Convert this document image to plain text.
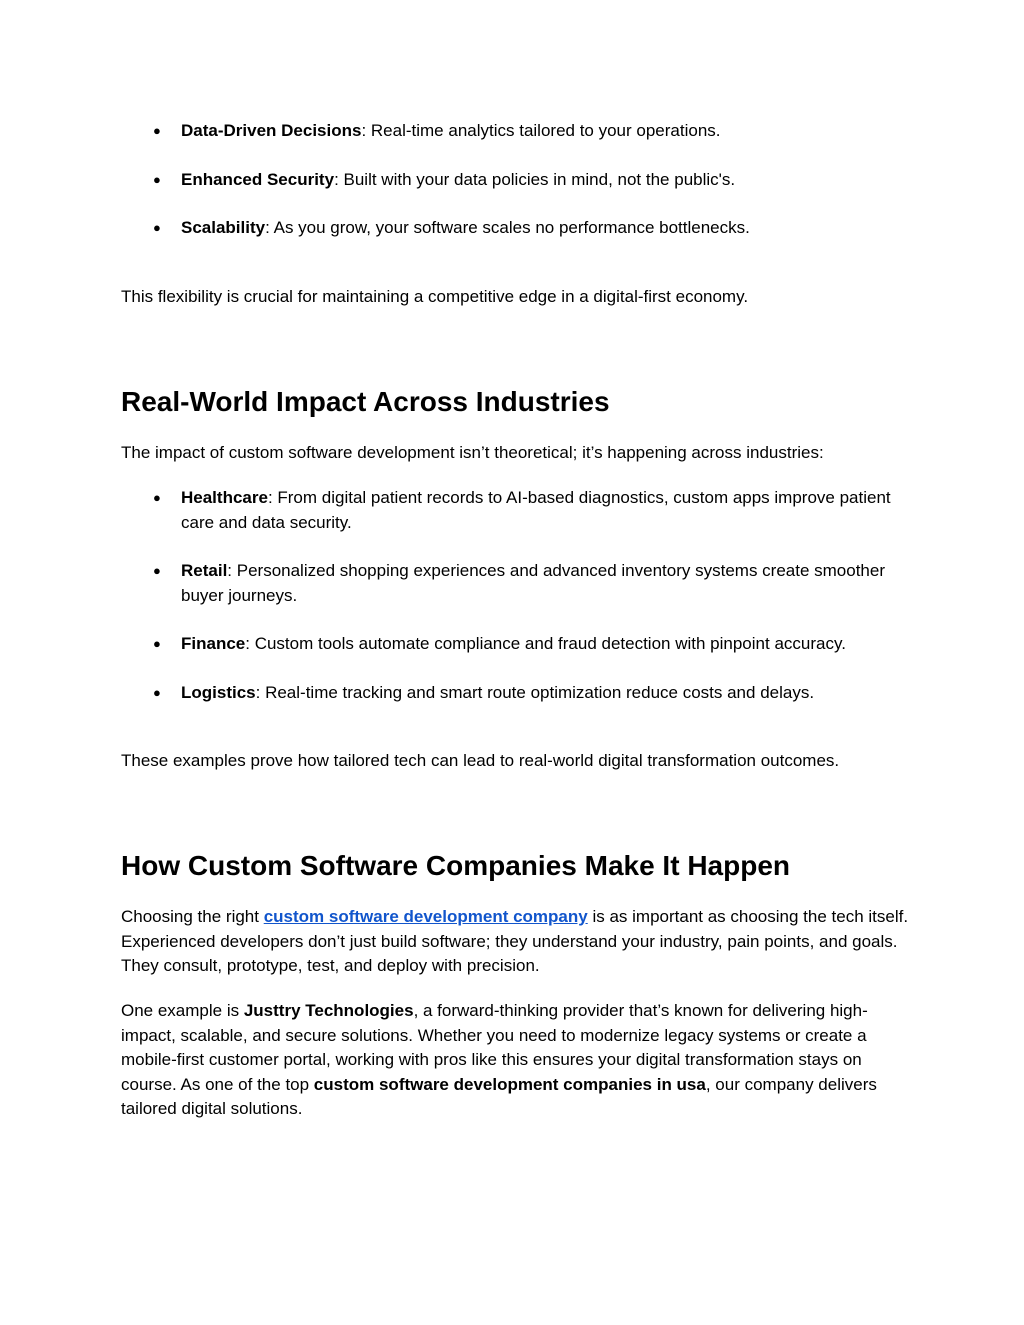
● Data-Driven Decisions: Real-time analytics tailored to your operations.
● Enhanced Security: Built with your data policies in mind, not the public's.
● Scalability: As you grow, your software scales no performance bottlenecks.

This flexibility is crucial for maintaining a competitive edge in a digital-first economy.

Real-World Impact Across Industries

The impact of custom software development isn’t theoretical; it’s happening across industries:

● Healthcare: From digital patient records to AI-based diagnostics, custom apps improve patient care and data security.
● Retail: Personalized shopping experiences and advanced inventory systems create smoother buyer journeys.
● Finance: Custom tools automate compliance and fraud detection with pinpoint accuracy.
● Logistics: Real-time tracking and smart route optimization reduce costs and delays.

These examples prove how tailored tech can lead to real-world digital transformation outcomes.

How Custom Software Companies Make It Happen

Choosing the right custom software development company is as important as choosing the tech itself. Experienced developers don’t just build software; they understand your industry, pain points, and goals. They consult, prototype, test, and deploy with precision.

One example is Justtry Technologies, a forward-thinking provider that’s known for delivering high-impact, scalable, and secure solutions. Whether you need to modernize legacy systems or create a mobile-first customer portal, working with pros like this ensures your digital transformation stays on course. As one of the top custom software development companies in usa, our company delivers tailored digital solutions.
